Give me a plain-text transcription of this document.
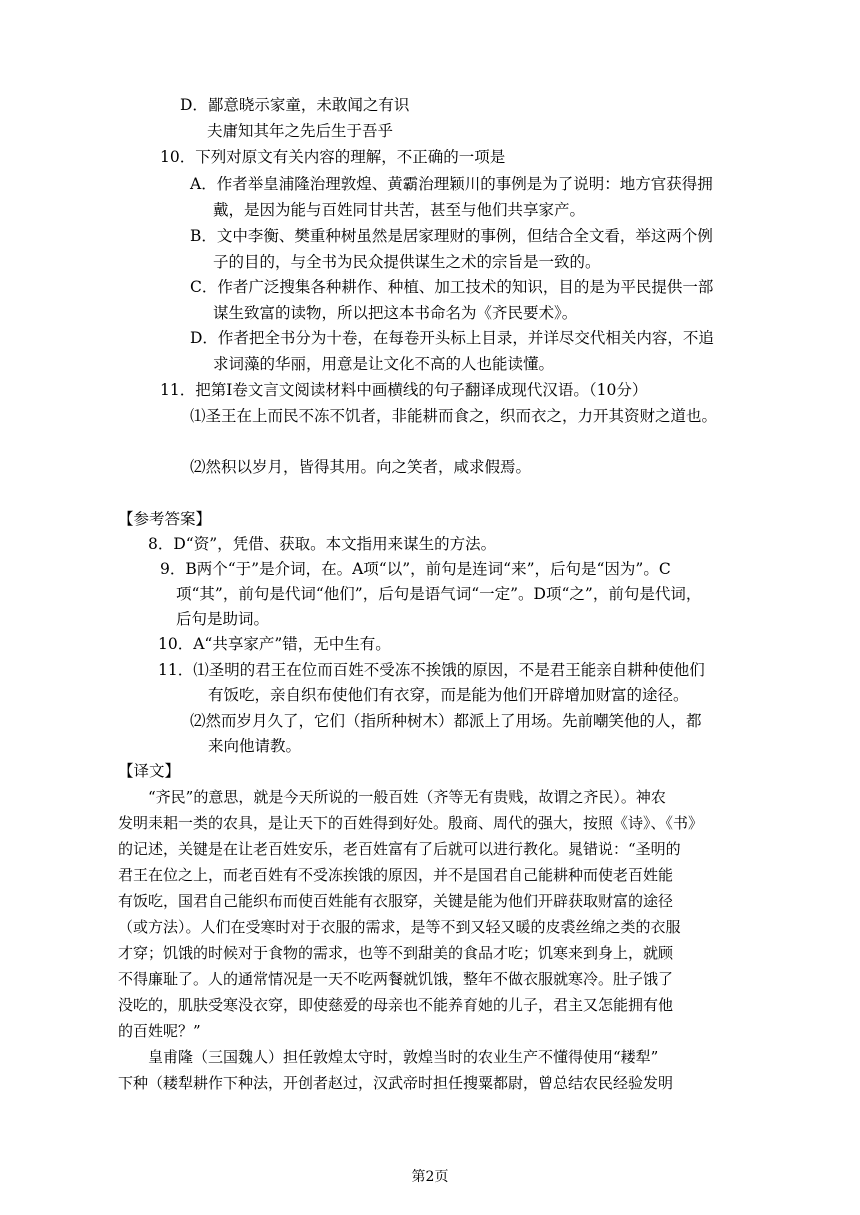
D．鄙意晓示家童，未敢闻之有识
夫庸知其年之先后生于吾乎
10．下列对原文有关内容的理解，不正确的一项是
A．作者举皇浦隆治理敦煌、黄霸治理颖川的事例是为了说明：地方官获得拥
戴，是因为能与百姓同甘共苦，甚至与他们共享家产。
B．文中李衡、樊重种树虽然是居家理财的事例，但结合全文看，举这两个例
子的目的，与全书为民众提供谋生之术的宗旨是一致的。
C．作者广泛搜集各种耕作、种植、加工技术的知识，目的是为平民提供一部
谋生致富的读物，所以把这本书命名为《齐民要术》。
D．作者把全书分为十卷，在每卷开头标上目录，并详尽交代相关内容，不追
求词藻的华丽，用意是让文化不高的人也能读懂。
11．把第Ⅰ卷文言文阅读材料中画横线的句子翻译成现代汉语。（10分）
⑴圣王在上而民不冻不饥者，非能耕而食之，织而衣之，力开其资财之道也。
⑵然积以岁月，皆得其用。向之笑者，咸求假焉。
【参考答案】
8．D“资”，凭借、获取。本文指用来谋生的方法。
9．B两个“于”是介词，在。A项“以”，前句是连词“来”，后句是“因为”。C
项“其”，前句是代词“他们”，后句是语气词“一定”。D项“之”，前句是代词，
后句是助词。
10．A“共享家产”错，无中生有。
11．⑴圣明的君王在位而百姓不受冻不挨饿的原因，不是君王能亲自耕种使他们
有饭吃，亲自织布使他们有衣穿，而是能为他们开辟增加财富的途径。
⑵然而岁月久了，它们（指所种树木）都派上了用场。先前嘲笑他的人，都
来向他请教。
【译文】
“齐民”的意思，就是今天所说的一般百姓（齐等无有贵贱，故谓之齐民）。神农
发明耒耜一类的农具，是让天下的百姓得到好处。殷商、周代的强大，按照《诗》、《书》
的记述，关键是在让老百姓安乐，老百姓富有了后就可以进行教化。晁错说：“圣明的
君王在位之上，而老百姓有不受冻挨饿的原因，并不是国君自己能耕种而使老百姓能
有饭吃，国君自己能织布而使百姓能有衣服穿，关键是能为他们开辟获取财富的途径
（或方法）。人们在受寒时对于衣服的需求，是等不到又轻又暖的皮裘丝绵之类的衣服
才穿；饥饿的时候对于食物的需求，也等不到甜美的食品才吃；饥寒来到身上，就顾
不得廉耻了。人的通常情况是一天不吃两餐就饥饿，整年不做衣服就寒冷。肚子饿了
没吃的，肌肤受寒没衣穿，即使慈爱的母亲也不能养育她的儿子，君主又怎能拥有他
的百姓呢？”
皇甫隆（三国魏人）担任敦煌太守时，敦煌当时的农业生产不懂得使用“耧犁”
下种（耧犁耕作下种法，开创者赵过，汉武帝时担任搜粟都尉，曾总结农民经验发明
第2页
